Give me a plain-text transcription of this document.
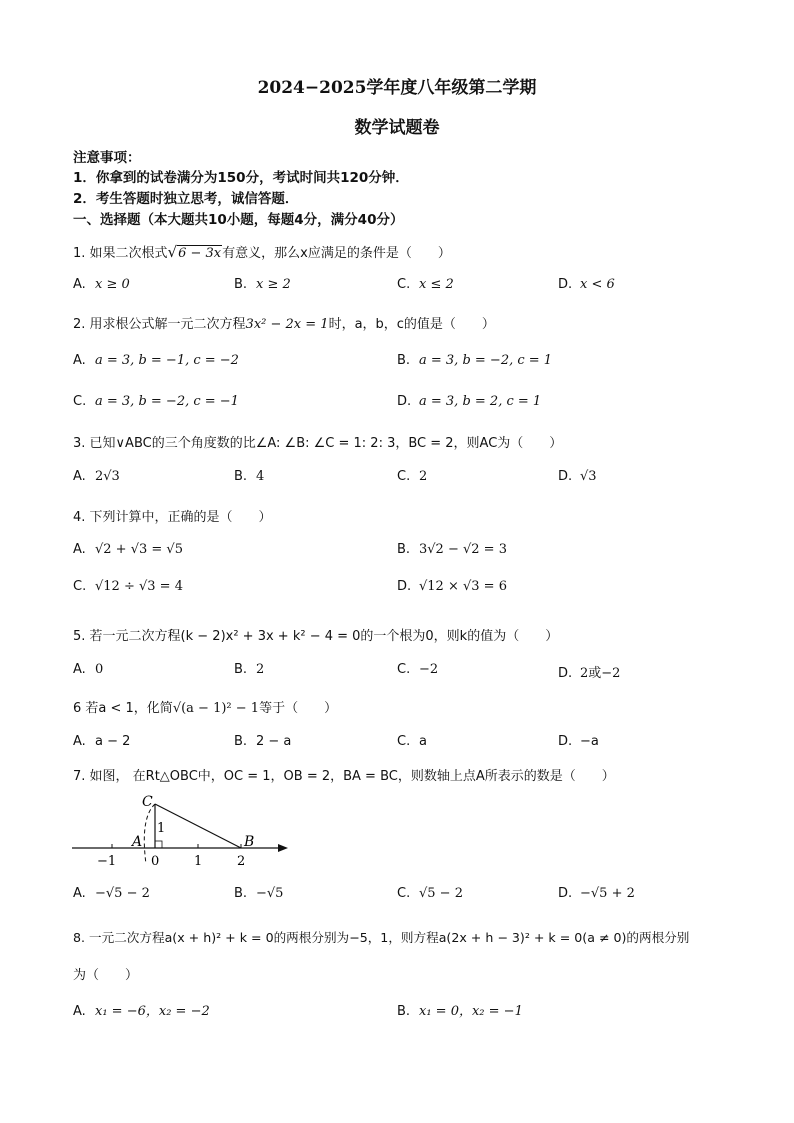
2024−2025学年度八年级第二学期
数学试题卷
注意事项：
1．你拿到的试卷满分为150分，考试时间共120分钟．
2．考生答题时独立思考，诚信答题．
一、选择题（本大题共10小题，每题4分，满分40分）
1. 如果二次根式√6 − 3x有意义，那么x应满足的条件是（　　）
A. x ≥ 0	B. x ≥ 2	C. x ≤ 2	D. x < 6
2. 用求根公式解一元二次方程3x² − 2x = 1时，a，b，c的值是（　　）
A. a = 3, b = −1, c = −2	B. a = 3, b = −2, c = 1
C. a = 3, b = −2, c = −1	D. a = 3, b = 2, c = 1
3. 已知∨ABC的三个角度数的比∠A: ∠B: ∠C = 1: 2: 3，BC = 2，则AC为（　　）
A. 2√3	B. 4	C. 2	D. √3
4. 下列计算中，正确的是（　　）
A. √2 + √3 = √5	B. 3√2 − √2 = 3
C. √12 ÷ √3 = 4	D. √12 × √3 = 6
5. 若一元二次方程(k − 2)x² + 3x + k² − 4 = 0的一个根为0，则k的值为（　　）
A. 0	B. 2	C. −2	D. 2或−2
6 若a < 1，化简√(a − 1)² − 1等于（　　）
A. a − 2	B. 2 − a	C. a	D. −a
7. 如图， 在Rt△OBC中，OC = 1，OB = 2，BA = BC，则数轴上点A所表示的数是（　　）
C
A	B
1
−1	0	1	2
A. −√5 − 2	B. −√5	C. √5 − 2	D. −√5 + 2
8. 一元二次方程a(x + h)² + k = 0的两根分别为−5，1，则方程a(2x + h − 3)² + k = 0(a ≠ 0)的两根分别
为（　　）
A. x₁ = −6，x₂ = −2	B. x₁ = 0，x₂ = −1
